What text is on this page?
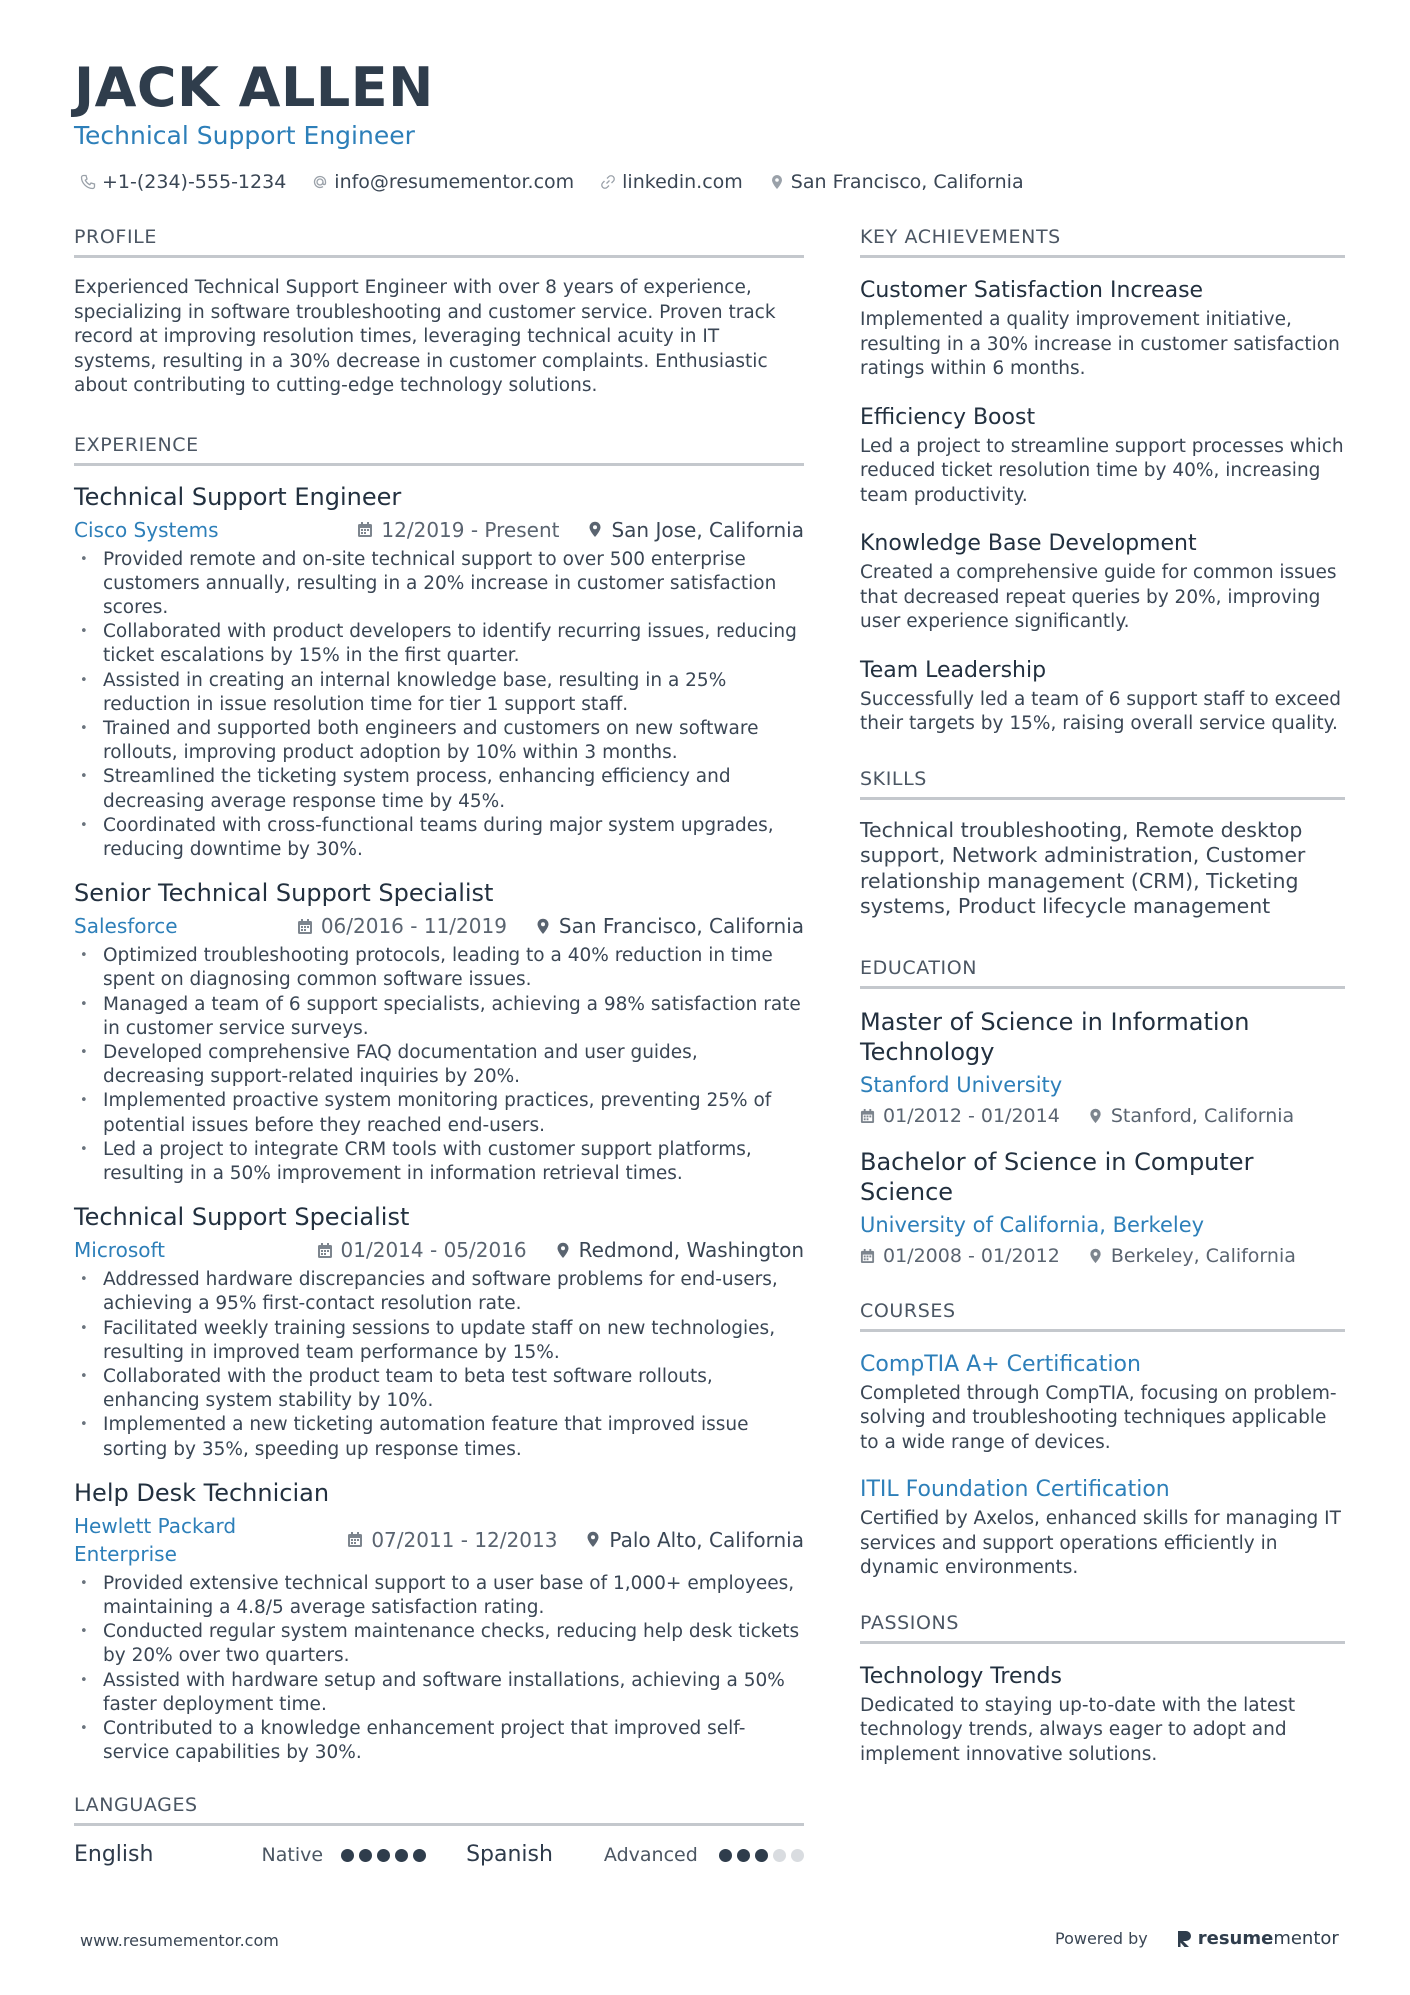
JACK ALLEN
Technical Support Engineer
+1-(234)-555-1234	info@resumementor.com	linkedin.com	San Francisco, California
PROFILE
Experienced Technical Support Engineer with over 8 years of experience, specializing in software troubleshooting and customer service. Proven track record at improving resolution times, leveraging technical acuity in IT systems, resulting in a 30% decrease in customer complaints. Enthusiastic about contributing to cutting-edge technology solutions.
EXPERIENCE
Technical Support Engineer
Cisco Systems	12/2019 - Present	San Jose, California
• Provided remote and on-site technical support to over 500 enterprise customers annually, resulting in a 20% increase in customer satisfaction scores.
• Collaborated with product developers to identify recurring issues, reducing ticket escalations by 15% in the first quarter.
• Assisted in creating an internal knowledge base, resulting in a 25% reduction in issue resolution time for tier 1 support staff.
• Trained and supported both engineers and customers on new software rollouts, improving product adoption by 10% within 3 months.
• Streamlined the ticketing system process, enhancing efficiency and decreasing average response time by 45%.
• Coordinated with cross-functional teams during major system upgrades, reducing downtime by 30%.
Senior Technical Support Specialist
Salesforce	06/2016 - 11/2019	San Francisco, California
• Optimized troubleshooting protocols, leading to a 40% reduction in time spent on diagnosing common software issues.
• Managed a team of 6 support specialists, achieving a 98% satisfaction rate in customer service surveys.
• Developed comprehensive FAQ documentation and user guides, decreasing support-related inquiries by 20%.
• Implemented proactive system monitoring practices, preventing 25% of potential issues before they reached end-users.
• Led a project to integrate CRM tools with customer support platforms, resulting in a 50% improvement in information retrieval times.
Technical Support Specialist
Microsoft	01/2014 - 05/2016	Redmond, Washington
• Addressed hardware discrepancies and software problems for end-users, achieving a 95% first-contact resolution rate.
• Facilitated weekly training sessions to update staff on new technologies, resulting in improved team performance by 15%.
• Collaborated with the product team to beta test software rollouts, enhancing system stability by 10%.
• Implemented a new ticketing automation feature that improved issue sorting by 35%, speeding up response times.
Help Desk Technician
Hewlett Packard Enterprise
07/2011 - 12/2013	Palo Alto, California
• Provided extensive technical support to a user base of 1,000+ employees, maintaining a 4.8/5 average satisfaction rating.
• Conducted regular system maintenance checks, reducing help desk tickets by 20% over two quarters.
• Assisted with hardware setup and software installations, achieving a 50% faster deployment time.
• Contributed to a knowledge enhancement project that improved self-service capabilities by 30%.
LANGUAGES
English	Native	Spanish	Advanced
KEY ACHIEVEMENTS
Customer Satisfaction Increase
Implemented a quality improvement initiative, resulting in a 30% increase in customer satisfaction ratings within 6 months.
Efficiency Boost
Led a project to streamline support processes which reduced ticket resolution time by 40%, increasing team productivity.
Knowledge Base Development
Created a comprehensive guide for common issues that decreased repeat queries by 20%, improving user experience significantly.
Team Leadership
Successfully led a team of 6 support staff to exceed their targets by 15%, raising overall service quality.
SKILLS
Technical troubleshooting, Remote desktop support, Network administration, Customer relationship management (CRM), Ticketing systems, Product lifecycle management
EDUCATION
Master of Science in Information Technology
Stanford University
01/2012 - 01/2014	Stanford, California
Bachelor of Science in Computer Science
University of California, Berkeley
01/2008 - 01/2012	Berkeley, California
COURSES
CompTIA A+ Certification
Completed through CompTIA, focusing on problem-solving and troubleshooting techniques applicable to a wide range of devices.
ITIL Foundation Certification
Certified by Axelos, enhanced skills for managing IT services and support operations efficiently in dynamic environments.
PASSIONS
Technology Trends
Dedicated to staying up-to-date with the latest technology trends, always eager to adopt and implement innovative solutions.
www.resumementor.com	Powered by	resumementor
